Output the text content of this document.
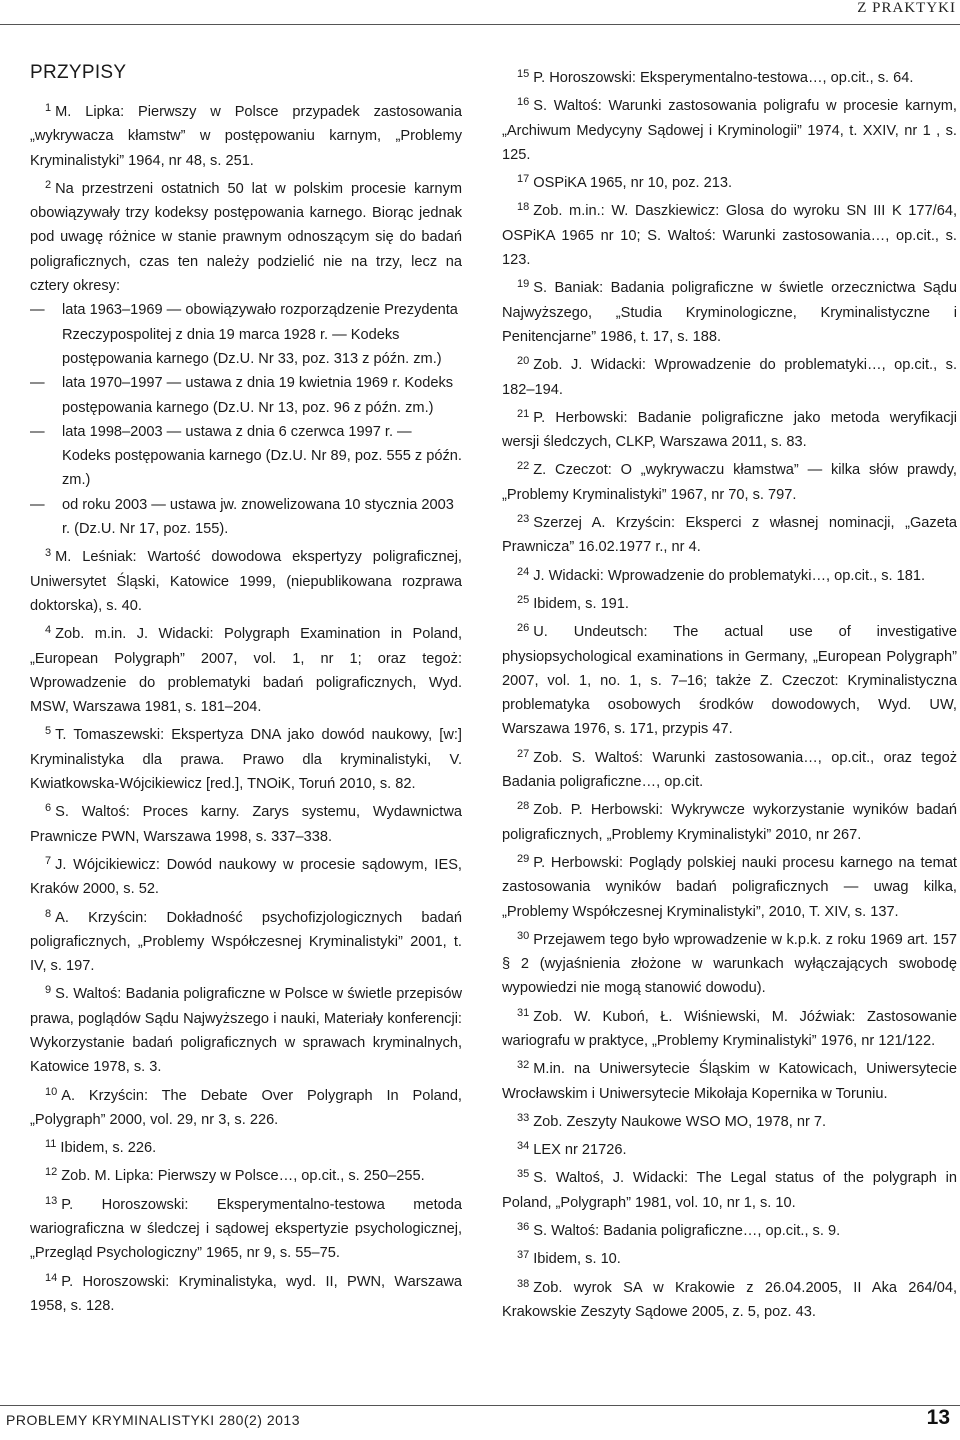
Z PRAKTYKI
PRZYPISY

$^1$ M. Lipka: Pierwszy w Polsce przypadek zastosowania „wykrywacza kłamstw” w postępowaniu karnym, „Problemy Kryminalistyki” 1964, nr 48, s. 251.

$^2$ Na przestrzeni ostatnich 50 lat w polskim procesie karnym obowiązywały trzy kodeksy postępowania karnego. Biorąc jednak pod uwagę różnice w stanie prawnym odnoszącym się do badań poligraficznych, czas ten należy podzielić nie na trzy, lecz na cztery okresy:

— lata 1963–1969 — obowiązywało rozporządzenie Prezydenta Rzeczypospolitej z dnia 19 marca 1928 r. — Kodeks postępowania karnego (Dz.U. Nr 33, poz. 313 z późn. zm.)
— lata 1970–1997 — ustawa z dnia 19 kwietnia 1969 r. Kodeks postępowania karnego (Dz.U. Nr 13, poz. 96 z późn. zm.)
— lata 1998–2003 — ustawa z dnia 6 czerwca 1997 r. — Kodeks postępowania karnego (Dz.U. Nr 89, poz. 555 z późn. zm.)
— od roku 2003 — ustawa jw. znowelizowana 10 stycznia 2003 r. (Dz.U. Nr 17, poz. 155).

$^3$ M. Leśniak: Wartość dowodowa ekspertyzy poligraficznej, Uniwersytet Śląski, Katowice 1999, (niepublikowana rozprawa doktorska), s. 40.

$^4$ Zob. m.in. J. Widacki: Polygraph Examination in Poland, „European Polygraph” 2007, vol. 1, nr 1; oraz tegoż: Wprowadzenie do problematyki badań poligraficznych, Wyd. MSW, Warszawa 1981, s. 181–204.

$^5$ T. Tomaszewski: Ekspertyza DNA jako dowód naukowy, [w:] Kryminalistyka dla prawa. Prawo dla kryminalistyki, V. Kwiatkowska-Wójcikiewicz [red.], TNOiK, Toruń 2010, s. 82.

$^6$ S. Waltoś: Proces karny. Zarys systemu, Wydawnictwa Prawnicze PWN, Warszawa 1998, s. 337–338.

$^7$ J. Wójcikiewicz: Dowód naukowy w procesie sądowym, IES, Kraków 2000, s. 52.

$^8$ A. Krzyścin: Dokładność psychofizjologicznych badań poligraficznych, „Problemy Współczesnej Kryminalistyki” 2001, t. IV, s. 197.

$^9$ S. Waltoś: Badania poligraficzne w Polsce w świetle przepisów prawa, poglądów Sądu Najwyższego i nauki, Materiały konferencji: Wykorzystanie badań poligraficznych w sprawach kryminalnych, Katowice 1978, s. 3.

$^{10}$ A. Krzyścin: The Debate Over Polygraph In Poland, „Polygraph” 2000, vol. 29, nr 3, s. 226.

$^{11}$ Ibidem, s. 226.

$^{12}$ Zob. M. Lipka: Pierwszy w Polsce…, op.cit., s. 250–255.

$^{13}$ P. Horoszowski: Eksperymentalno-testowa metoda wariograficzna w śledczej i sądowej ekspertyzie psychologicznej, „Przegląd Psychologiczny” 1965, nr 9, s. 55–75.

$^{14}$ P. Horoszowski: Kryminalistyka, wyd. II, PWN, Warszawa 1958, s. 128.

$^{15}$ P. Horoszowski: Eksperymentalno-testowa…, op.cit., s. 64.

$^{16}$ S. Waltoś: Warunki zastosowania poligrafu w procesie karnym, „Archiwum Medycyny Sądowej i Kryminologii” 1974, t. XXIV, nr 1 , s. 125.

$^{17}$ OSPiKA 1965, nr 10, poz. 213.

$^{18}$ Zob. m.in.: W. Daszkiewicz: Glosa do wyroku SN III K 177/64, OSPiKA 1965 nr 10; S. Waltoś: Warunki zastosowania…, op.cit., s. 123.

$^{19}$ S. Baniak: Badania poligraficzne w świetle orzecznictwa Sądu Najwyższego, „Studia Kryminologiczne, Kryminalistyczne i Penitencjarne” 1986, t. 17, s. 188.

$^{20}$ Zob. J. Widacki: Wprowadzenie do problematyki…, op.cit., s. 182–194.

$^{21}$ P. Herbowski: Badanie poligraficzne jako metoda weryfikacji wersji śledczych, CLKP, Warszawa 2011, s. 83.

$^{22}$ Z. Czeczot: O „wykrywaczu kłamstwa” — kilka słów prawdy, „Problemy Kryminalistyki” 1967, nr 70, s. 797.

$^{23}$ Szerzej A. Krzyścin: Eksperci z własnej nominacji, „Gazeta Prawnicza” 16.02.1977 r., nr 4.

$^{24}$ J. Widacki: Wprowadzenie do problematyki…, op.cit., s. 181.

$^{25}$ Ibidem, s. 191.

$^{26}$ U. Undeutsch: The actual use of investigative physiopsychological examinations in Germany, „European Polygraph” 2007, vol. 1, no. 1, s. 7–16; także Z. Czeczot: Kryminalistyczna problematyka osobowych środków dowodowych, Wyd. UW, Warszawa 1976, s. 171, przypis 47.

$^{27}$ Zob. S. Waltoś: Warunki zastosowania…, op.cit., oraz tegoż Badania poligraficzne…, op.cit.

$^{28}$ Zob. P. Herbowski: Wykrywcze wykorzystanie wyników badań poligraficznych, „Problemy Kryminalistyki” 2010, nr 267.

$^{29}$ P. Herbowski: Poglądy polskiej nauki procesu karnego na temat zastosowania wyników badań poligraficznych — uwag kilka, „Problemy Współczesnej Kryminalistyki”, 2010, T. XIV, s. 137.

$^{30}$ Przejawem tego było wprowadzenie w k.p.k. z roku 1969 art. 157 § 2 (wyjaśnienia złożone w warunkach wyłączających swobodę wypowiedzi nie mogą stanowić dowodu).

$^{31}$ Zob. W. Kuboń, Ł. Wiśniewski, M. Jóźwiak: Zastosowanie wariografu w praktyce, „Problemy Kryminalistyki” 1976, nr 121/122.

$^{32}$ M.in. na Uniwersytecie Śląskim w Katowicach, Uniwersytecie Wrocławskim i Uniwersytecie Mikołaja Kopernika w Toruniu.

$^{33}$ Zob. Zeszyty Naukowe WSO MO, 1978, nr 7.

$^{34}$ LEX nr 21726.

$^{35}$ S. Waltoś, J. Widacki: The Legal status of the polygraph in Poland, „Polygraph” 1981, vol. 10, nr 1, s. 10.

$^{36}$ S. Waltoś: Badania poligraficzne…, op.cit., s. 9.

$^{37}$ Ibidem, s. 10.

$^{38}$ Zob. wyrok SA w Krakowie z 26.04.2005, II Aka 264/04, Krakowskie Zeszyty Sądowe 2005, z. 5, poz. 43.

PROBLEMY KRYMINALISTYKI 280(2) 2013	13
